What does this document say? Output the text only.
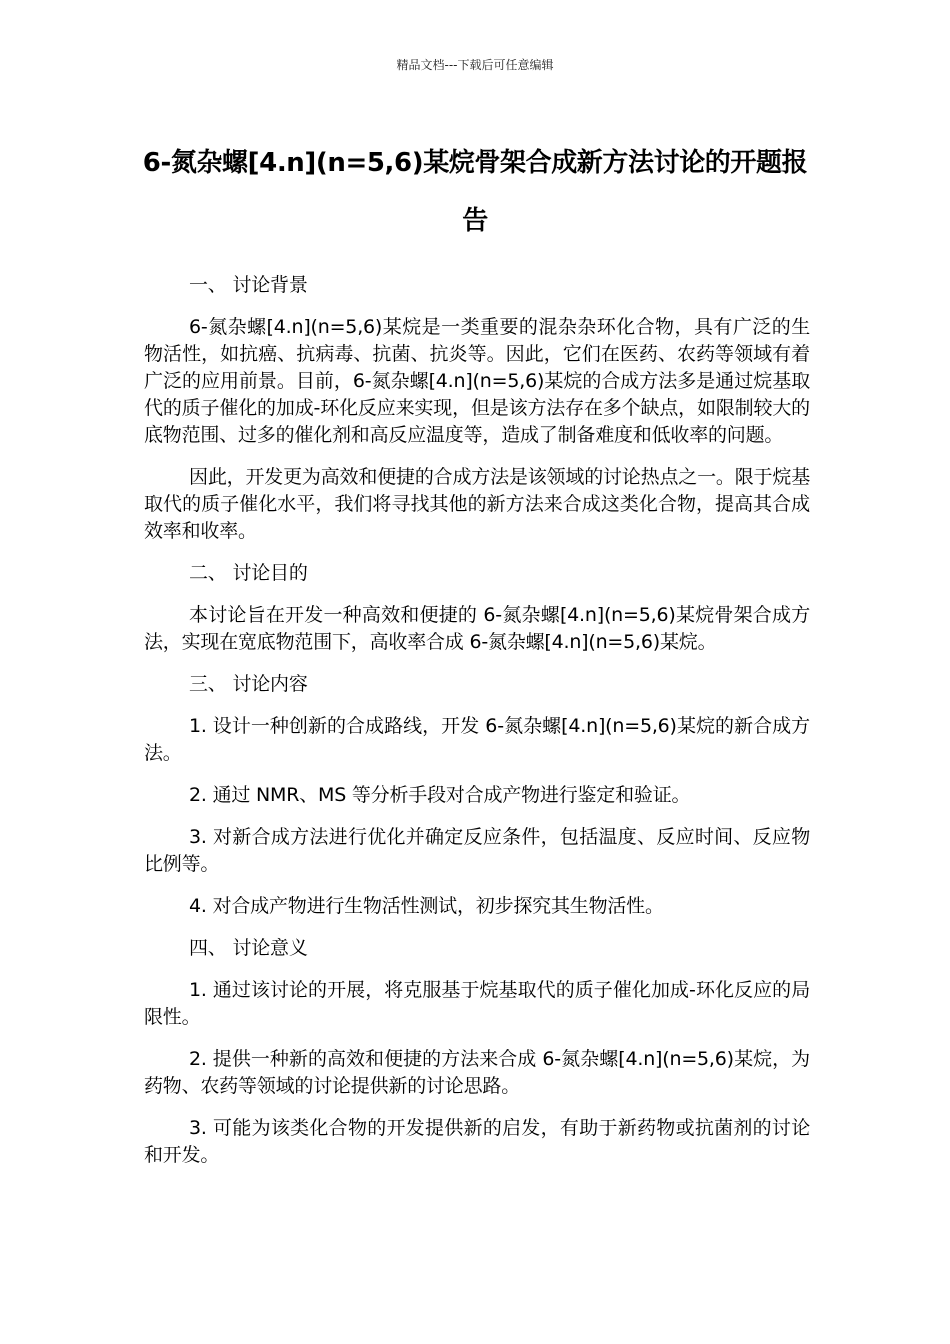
精品文档---下载后可任意编辑
6-氮杂螺[4.n](n=5,6)某烷骨架合成新方法讨论的开题报告
一、 讨论背景

6-氮杂螺[4.n](n=5,6)某烷是一类重要的混杂杂环化合物，具有广泛的生物活性，如抗癌、抗病毒、抗菌、抗炎等。因此，它们在医药、农药等领域有着广泛的应用前景。目前，6-氮杂螺[4.n](n=5,6)某烷的合成方法多是通过烷基取代的质子催化的加成-环化反应来实现，但是该方法存在多个缺点，如限制较大的底物范围、过多的催化剂和高反应温度等，造成了制备难度和低收率的问题。

因此，开发更为高效和便捷的合成方法是该领域的讨论热点之一。限于烷基取代的质子催化水平，我们将寻找其他的新方法来合成这类化合物，提高其合成效率和收率。

二、 讨论目的

本讨论旨在开发一种高效和便捷的 6-氮杂螺[4.n](n=5,6)某烷骨架合成方法，实现在宽底物范围下，高收率合成 6-氮杂螺[4.n](n=5,6)某烷。

三、 讨论内容

1. 设计一种创新的合成路线，开发 6-氮杂螺[4.n](n=5,6)某烷的新合成方法。

2. 通过 NMR、MS 等分析手段对合成产物进行鉴定和验证。

3. 对新合成方法进行优化并确定反应条件，包括温度、反应时间、反应物比例等。

4. 对合成产物进行生物活性测试，初步探究其生物活性。

四、 讨论意义

1. 通过该讨论的开展，将克服基于烷基取代的质子催化加成-环化反应的局限性。

2. 提供一种新的高效和便捷的方法来合成 6-氮杂螺[4.n](n=5,6)某烷，为药物、农药等领域的讨论提供新的讨论思路。

3. 可能为该类化合物的开发提供新的启发，有助于新药物或抗菌剂的讨论和开发。
